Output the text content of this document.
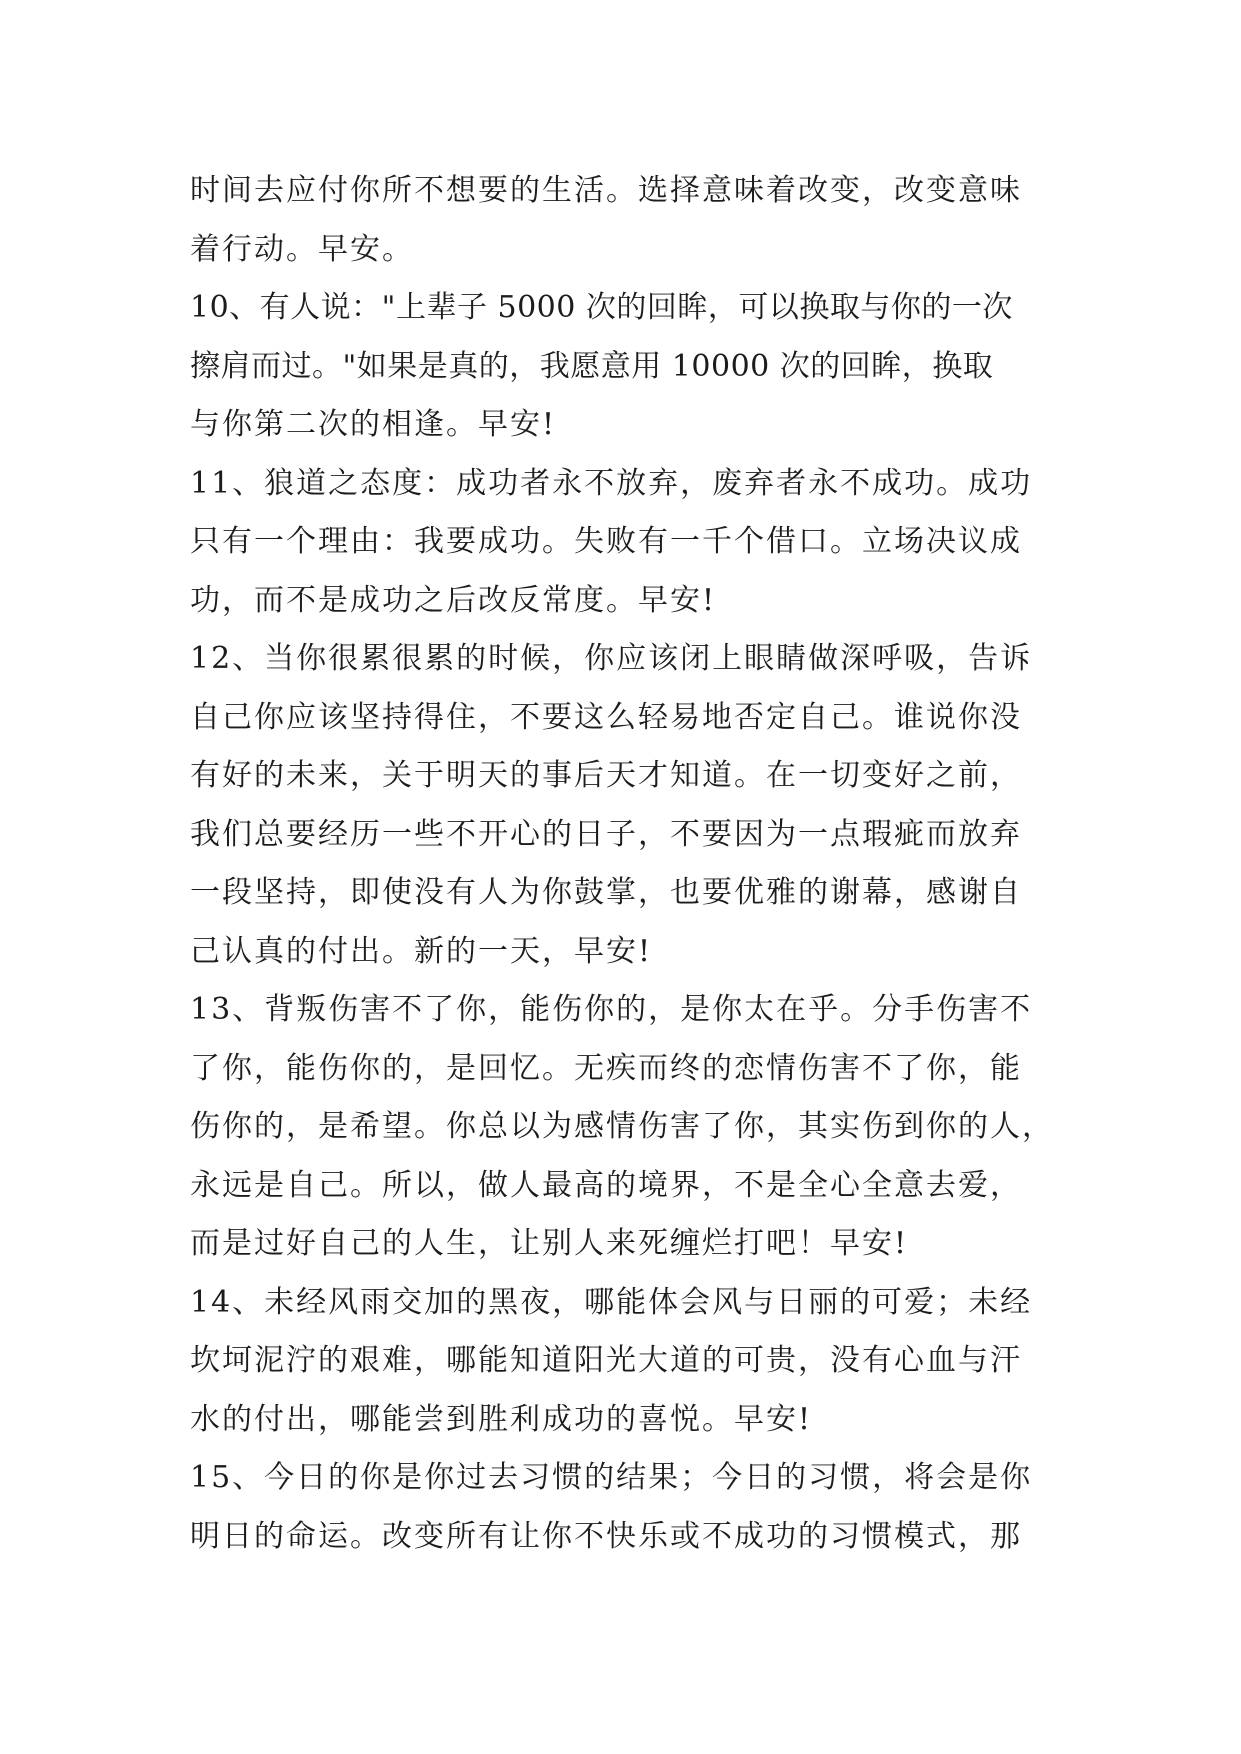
时间去应付你所不想要的生活。选择意味着改变，改变意味
着行动。早安。
10、有人说："上辈子 5000 次的回眸，可以换取与你的一次
擦肩而过。"如果是真的，我愿意用 10000 次的回眸，换取
与你第二次的相逢。早安!
11、狼道之态度：成功者永不放弃，废弃者永不成功。成功
只有一个理由：我要成功。失败有一千个借口。立场决议成
功，而不是成功之后改反常度。早安!
12、当你很累很累的时候，你应该闭上眼睛做深呼吸，告诉
自己你应该坚持得住，不要这么轻易地否定自己。谁说你没
有好的未来，关于明天的事后天才知道。在一切变好之前，
我们总要经历一些不开心的日子，不要因为一点瑕疵而放弃
一段坚持，即使没有人为你鼓掌，也要优雅的谢幕，感谢自
己认真的付出。新的一天，早安!
13、背叛伤害不了你，能伤你的，是你太在乎。分手伤害不
了你，能伤你的，是回忆。无疾而终的恋情伤害不了你，能
伤你的，是希望。你总以为感情伤害了你，其实伤到你的人，
永远是自己。所以，做人最高的境界，不是全心全意去爱，
而是过好自己的人生，让别人来死缠烂打吧！早安!
14、未经风雨交加的黑夜，哪能体会风与日丽的可爱；未经
坎坷泥泞的艰难，哪能知道阳光大道的可贵，没有心血与汗
水的付出，哪能尝到胜利成功的喜悦。早安!
15、今日的你是你过去习惯的结果；今日的习惯，将会是你
明日的命运。改变所有让你不快乐或不成功的习惯模式，那
